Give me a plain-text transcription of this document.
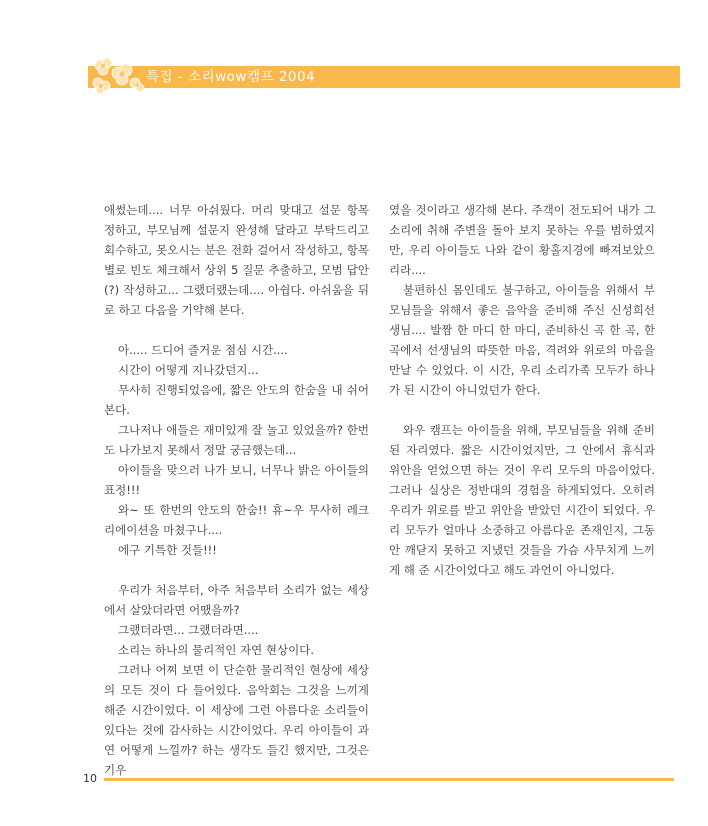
특집 - 소리wow캠프 2004

애썼는데.... 너무 아쉬웠다. 머리 맞대고 설문 항목 정하고, 부모님께 설문지 완성해 달라고 부탁드리고 회수하고, 못오시는 분은 전화 걸어서 작성하고, 항목별로 빈도 체크해서 상위 5 질문 추출하고, 모범 답안(?) 작성하고... 그랬더랬는데.... 아쉽다. 아쉬움을 뒤로 하고 다음을 기약해 본다.

아..... 드디어 즐거운 점심 시간....

시간이 어떻게 지나갔던지...

무사히 진행되었음에, 짧은 안도의 한숨을 내 쉬어본다.

그나저나 애들은 재미있게 잘 놀고 있었을까? 한번도 나가보지 못해서 정말 궁금했는데...

아이들을 맞으러 나가 보니, 너무나 밝은 아이들의 표정!!!

와~ 또 한번의 안도의 한숨!! 휴~우 무사히 레크리에이션을 마쳤구나....

에구 기특한 것들!!!

우리가 처음부터, 아주 처음부터 소리가 없는 세상에서 살았더라면 어땠을까?

그랬더라면... 그랬더라면....

소리는 하나의 물리적인 자연 현상이다.

그러나 어찌 보면 이 단순한 물리적인 현상에 세상의 모든 것이 다 들어있다. 음악회는 그것을 느끼게 해준 시간이었다. 이 세상에 그런 아름다운 소리들이 있다는 것에 감사하는 시간이었다. 우리 아이들이 과연 어떻게 느낄까? 하는 생각도 들긴 했지만, 그것은 기우

였을 것이라고 생각해 본다. 주객이 전도되어 내가 그 소리에 취해 주변을 돌아 보지 못하는 우를 범하였지만, 우리 아이들도 나와 같이 황홀지경에 빠져보았으리라....

불편하신 몸인데도 불구하고, 아이들을 위해서 부모님들을 위해서 좋은 음악을 준비해 주신 신성희선생님.... 발짬 한 마디 한 마디, 준비하신 곡 한 곡, 한 곡에서 선생님의 따뜻한 마음, 격려와 위로의 마음을 만날 수 있었다. 이 시간, 우리 소리가족 모두가 하나가 된 시간이 아니었던가 한다.

와우 캠프는 아이들을 위해, 부모님들을 위해 준비된 자리였다. 짧은 시간이었지만, 그 안에서 휴식과 위안을 얻었으면 하는 것이 우리 모두의 마음이었다. 그러나 실상은 정반대의 경험을 하게되었다. 오히려 우리가 위로를 받고 위안을 받았던 시간이 되었다. 우리 모두가 얼마나 소중하고 아름다운 존재인지, 그동안 깨닫지 못하고 지냈던 것들을 가슴 사무치게 느끼게 해 준 시간이었다고 해도 과언이 아니었다.

10
